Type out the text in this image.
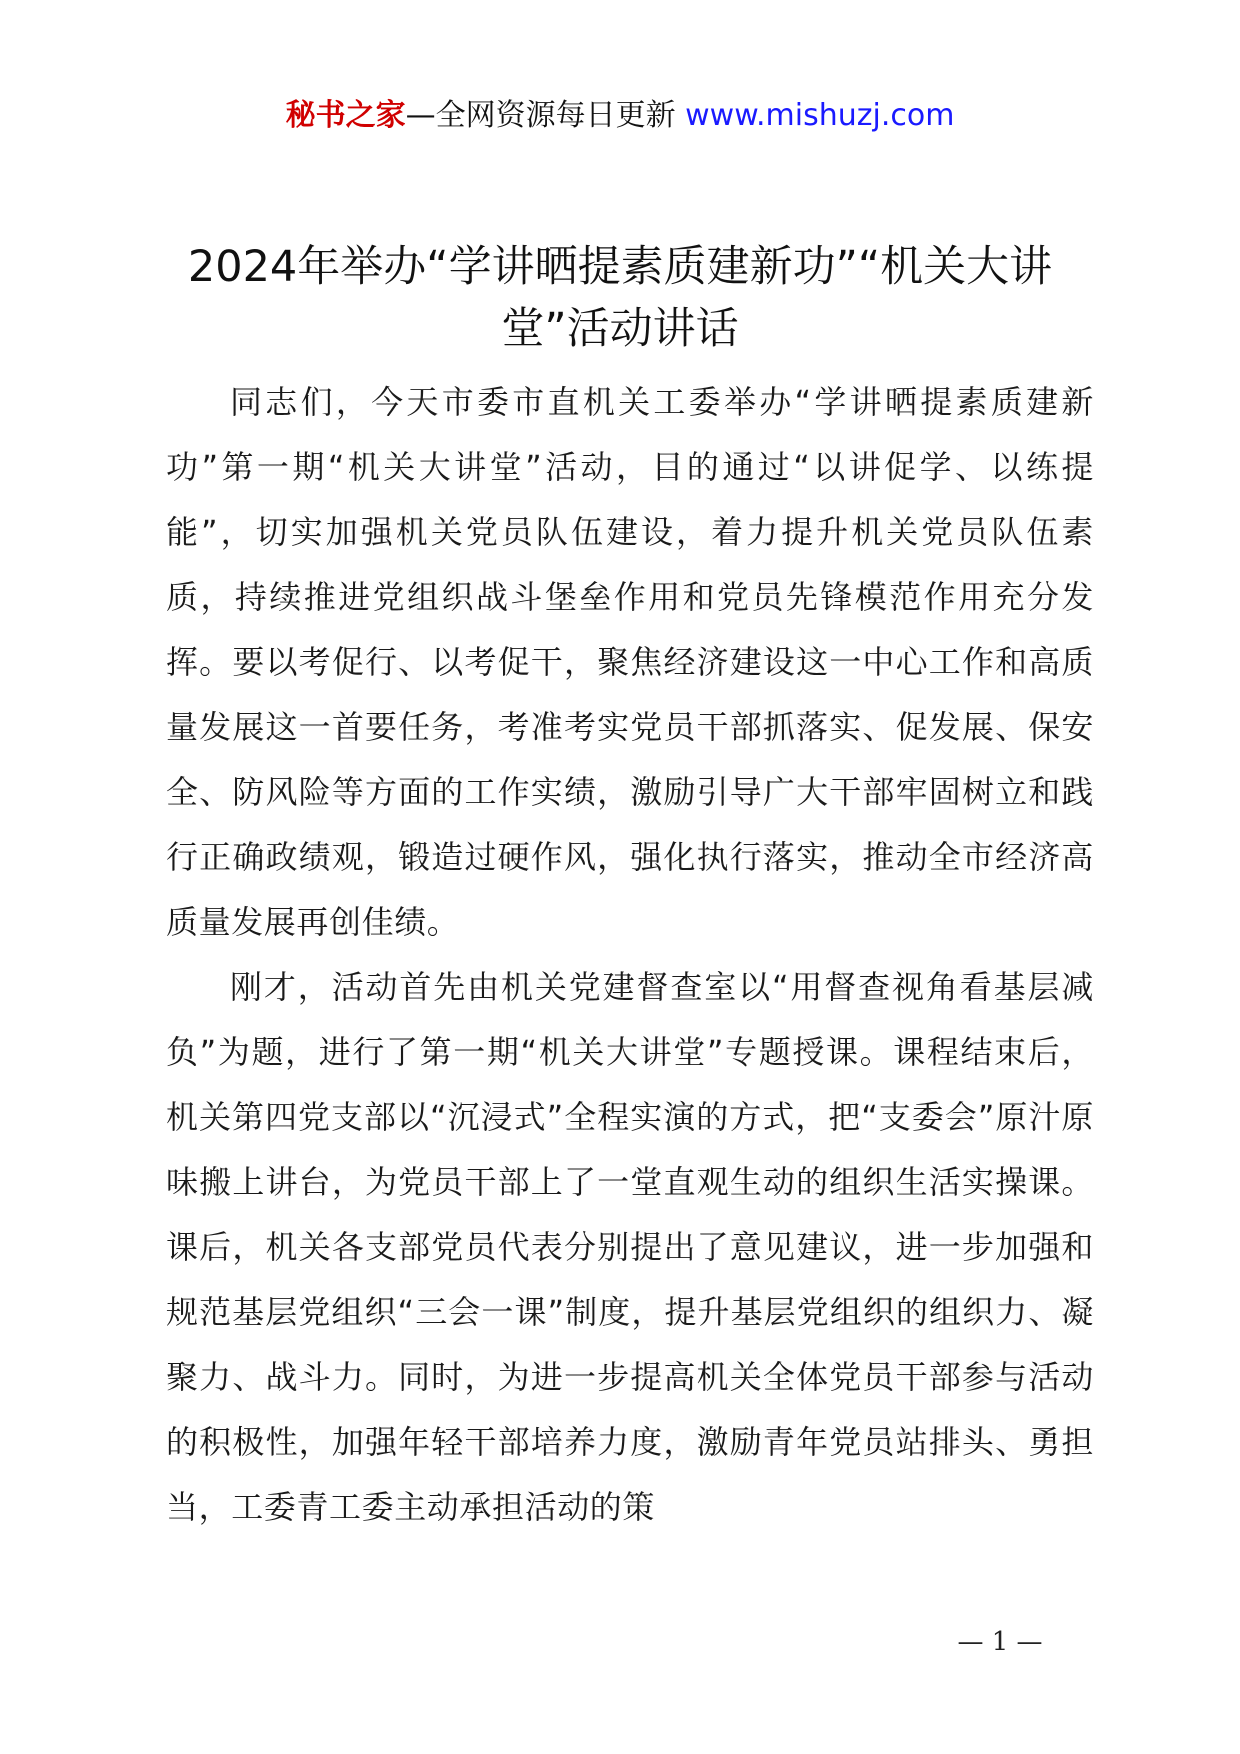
秘书之家—全网资源每日更新 www.mishuzj.com
2024年举办“学讲晒提素质建新功”“机关大讲堂”活动讲话

同志们，今天市委市直机关工委举办“学讲晒提素质建新功”第一期“机关大讲堂”活动，目的通过“以讲促学、以练提能”，切实加强机关党员队伍建设，着力提升机关党员队伍素质，持续推进党组织战斗堡垒作用和党员先锋模范作用充分发挥。要以考促行、以考促干，聚焦经济建设这一中心工作和高质量发展这一首要任务，考准考实党员干部抓落实、促发展、保安全、防风险等方面的工作实绩，激励引导广大干部牢固树立和践行正确政绩观，锻造过硬作风，强化执行落实，推动全市经济高质量发展再创佳绩。

刚才，活动首先由机关党建督查室以“用督查视角看基层减负”为题，进行了第一期“机关大讲堂”专题授课。课程结束后，机关第四党支部以“沉浸式”全程实演的方式，把“支委会”原汁原味搬上讲台，为党员干部上了一堂直观生动的组织生活实操课。课后，机关各支部党员代表分别提出了意见建议，进一步加强和规范基层党组织“三会一课”制度，提升基层党组织的组织力、凝聚力、战斗力。同时，为进一步提高机关全体党员干部参与活动的积极性，加强年轻干部培养力度，激励青年党员站排头、勇担当，工委青工委主动承担活动的策

— 1 —
